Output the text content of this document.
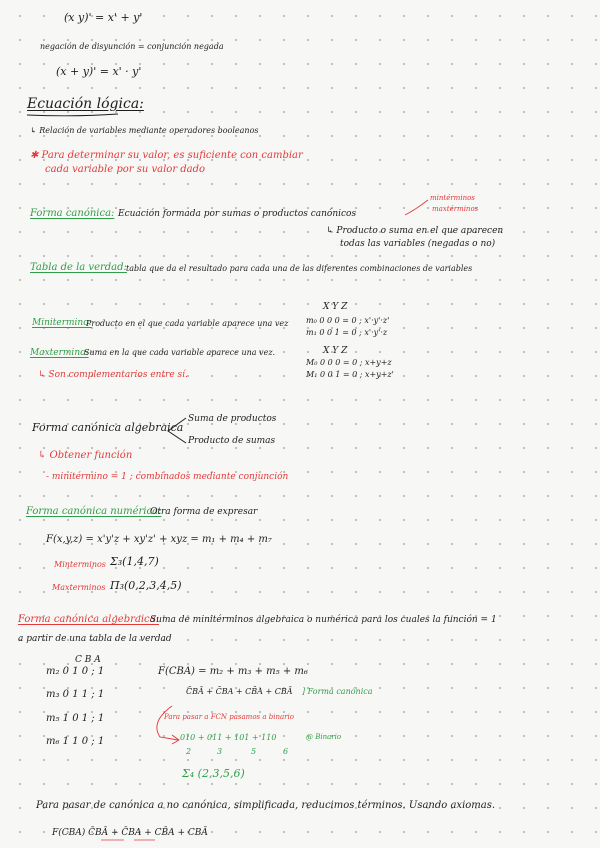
(x y)' = x' + y'
negación de disyunción = conjunción negada
(x + y)' = x' · y'
Ecuación lógica:
↳ Relación de variables mediante operadores booleanos
✱ Para determinar su valor, es suficiente con cambiar
cada variable por su valor dado
mintérminos
maxtérminos
Forma canónica: Ecuación formada por sumas o productos canónicos
↳ Producto o suma en el que aparecen
todas las variables (negadas o no)
Tabla de la verdad: tabla que da el resultado para cada una de las diferentes combinaciones de variables
X Y Z
m₀ 0 0 0 = 0 ; x'·y'·z'
Minitermino:
Producto en el que cada variable aparece una vez
m₁ 0 0 1 = 0 ; x'·y'·z
X Y Z
Maxtermino:
Suma en la que cada variable aparece una vez.
M₀ 0 0 0 = 0 ; x+y+z
↳ Son complementarios entre sí.	M₁ 0 0 1 = 0 ; x+y+z'
Suma de productos
Forma canónica algebraica
Producto de sumas
↳ Obtener función
- minitérmino = 1 ; combinados mediante conjunción
Forma canónica numérica:
Otra forma de expresar
F(x,y,z) = x'y'z + xy'z' + xyz = m₁ + m₄ + m₇
Minterminos Σ₃(1,4,7)
Maxterminos Π₃(0,2,3,4,5)
Forma canónica algebraica:
Suma de minitérminos algebraica o numérica para los cuales la función = 1
a partir de una tabla de la verdad
C B A
m₂ 0 1 0 ; 1	F(CBA) = m₂ + m₃ + m₅ + m₆
m₃ 0 1 1 ; 1	C̄BĀ + C̄BA + CB̄A + CBĀ ] Forma canónica
m₅ 1 0 1 ; 1	Para pasar a FCN pasamos a binario
m₆ 1 1 0 ; 1	010 + 011 + 101 + 110	@ Binario
2	3	5	6
Σ₄ (2,3,5,6)
Para pasar de canónica a no canónica, simplificada, reducimos términos. Usando axiomas.
F(CBA) C̄BĀ + C̄BA + CB̄A + CBĀ
